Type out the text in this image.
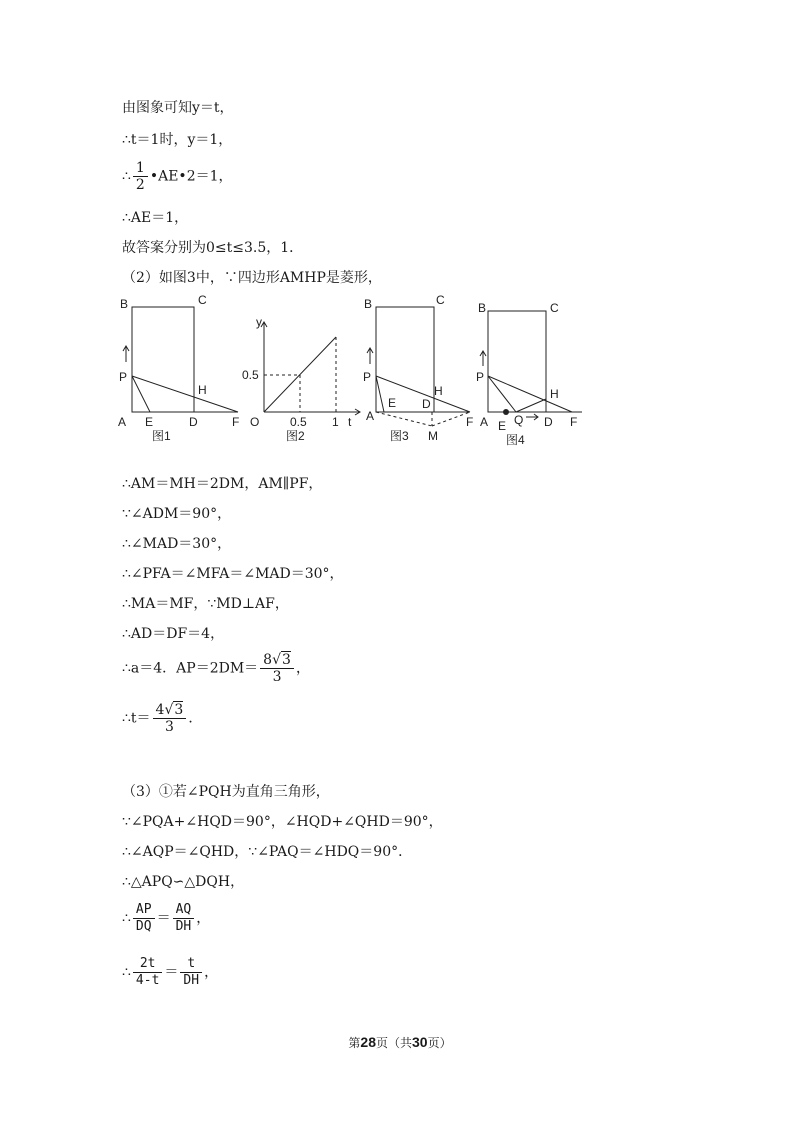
由图象可知y＝t，
∴t＝1时，y＝1，
∴ $\frac{1}{2}$ •AE•2＝1，
∴AE＝1，
故答案分别为0≤t≤3.5，1．
（2）如图3中，∵四边形AMHP是菱形，
B	C
P
H
A E	D	F
图1
y
0.5
O	0.5 1 t
图2
B	C
P
H
A
E D
F
M
图3
B	C
P
H
A E Q D F
图4
∴AM＝MH＝2DM，AM∥PF，
∵∠ADM＝90°，
∴∠MAD＝30°，
∴∠PFA＝∠MFA＝∠MAD＝30°，
∴MA＝MF，∵MD⊥AF，
∴AD＝DF＝4，
∴a＝4．$AP=2DM= \frac{8√3}{3}$ ，
∴t＝ $\frac{4√3}{3}$ ．
（3）①若∠PQH为直角三角形，
∵∠PQA+∠HQD＝90°，∠HQD+∠QHD＝90°，
∴∠AQP＝∠QHD，∵∠PAQ＝∠HDQ＝90°．
∴△APQ∽△DQH，
∴ $\frac{AP}{DQ} = \frac{AQ}{DH}$ ，
∴ $\frac{2t}{4-t} = \frac{t}{DH}$ ，
第28页（共30页）
